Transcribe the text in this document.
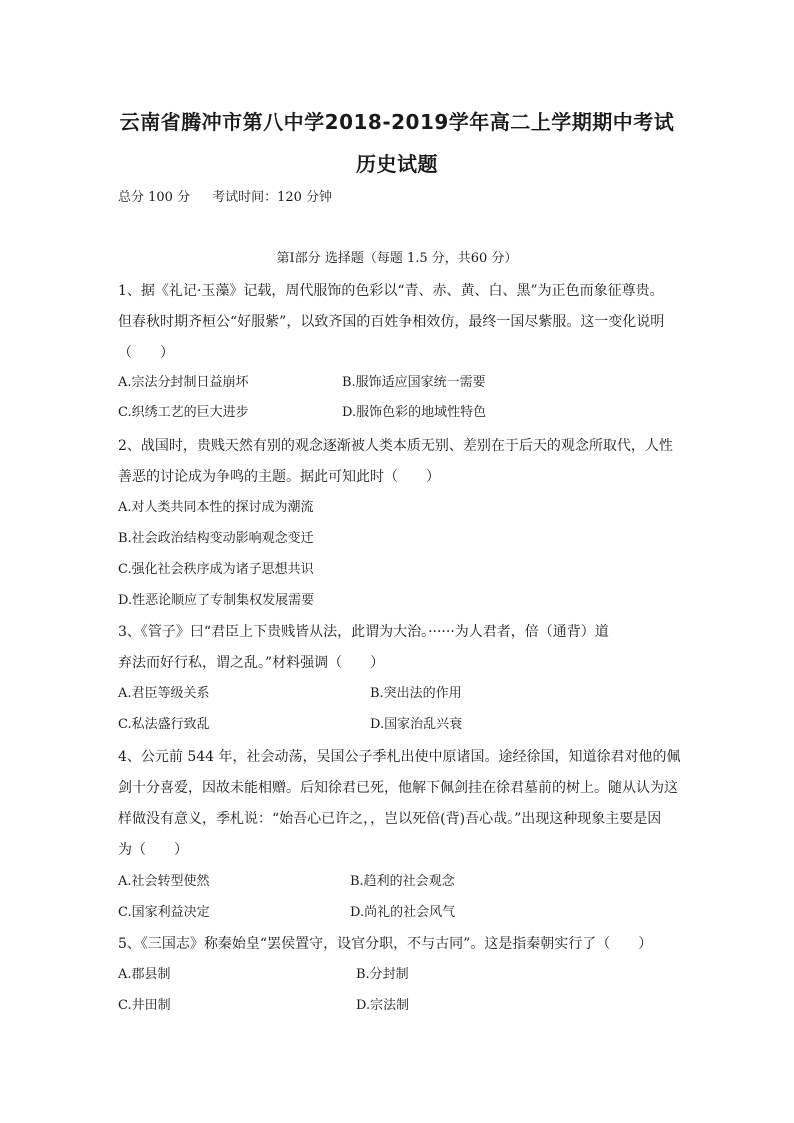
云南省腾冲市第八中学2018-2019学年高二上学期期中考试
历史试题
总分 100 分 考试时间：120 分钟
第Ⅰ部分 选择题（每题 1.5 分，共60 分）
1、据《礼记·玉藻》记载，周代服饰的色彩以“青、赤、黄、白、黑”为正色而象征尊贵。
但春秋时期齐桓公“好服紫”，以致齐国的百姓争相效仿，最终一国尽紫服。这一变化说明
（　　）
A.宗法分封制日益崩坏	B.服饰适应国家统一需要
C.织绣工艺的巨大进步	D.服饰色彩的地域性特色
2、战国时，贵贱天然有别的观念逐渐被人类本质无别、差别在于后天的观念所取代，人性
善恶的讨论成为争鸣的主题。据此可知此时（　　）
A.对人类共同本性的探讨成为潮流
B.社会政治结构变动影响观念变迁
C.强化社会秩序成为诸子思想共识
D.性恶论顺应了专制集权发展需要
3、《管子》曰“君臣上下贵贱皆从法，此谓为大治。······为人君者，倍（通背）道
弃法而好行私，谓之乱。”材料强调（　　）
A.君臣等级关系	B.突出法的作用
C.私法盛行致乱	D.国家治乱兴衰
4、公元前 544 年，社会动荡，吴国公子季札出使中原诸国。途经徐国，知道徐君对他的佩
剑十分喜爱，因故未能相赠。后知徐君已死，他解下佩剑挂在徐君墓前的树上。随从认为这
样做没有意义，季札说：“始吾心已许之，，岂以死倍(背)吾心哉。”出现这种现象主要是因
为（　　）
A.社会转型使然	B.趋利的社会观念
C.国家利益决定	D.尚礼的社会风气
5、《三国志》称秦始皇“罢侯置守，设官分职，不与古同”。这是指秦朝实行了（　　）
A.郡县制	B.分封制
C.井田制	D.宗法制
